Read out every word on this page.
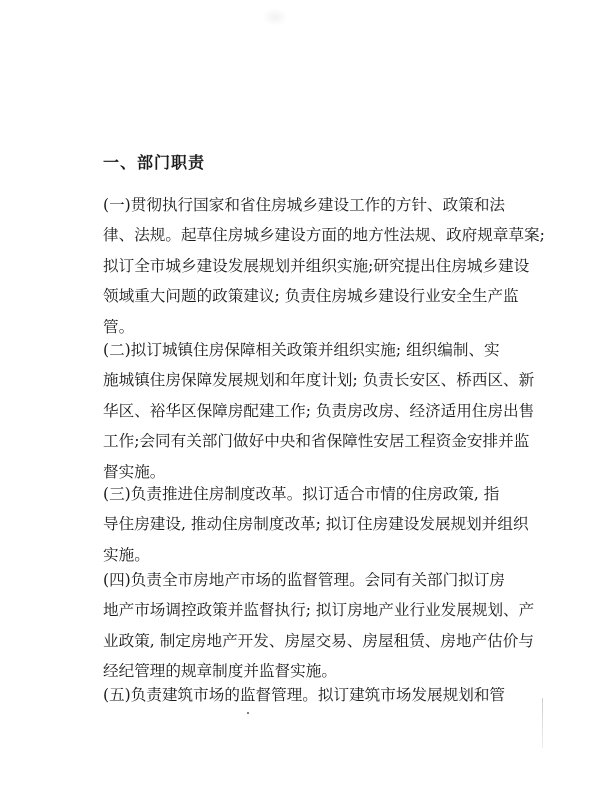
一、部门职责

(一)贯彻执行国家和省住房城乡建设工作的方针、政策和法
律、法规。起草住房城乡建设方面的地方性法规、政府规章草案;
拟订全市城乡建设发展规划并组织实施;研究提出住房城乡建设
领域重大问题的政策建议; 负责住房城乡建设行业安全生产监
管。

(二)拟订城镇住房保障相关政策并组织实施; 组织编制、实
施城镇住房保障发展规划和年度计划; 负责长安区、桥西区、新
华区、裕华区保障房配建工作; 负责房改房、经济适用住房出售
工作;会同有关部门做好中央和省保障性安居工程资金安排并监
督实施。

(三)负责推进住房制度改革。拟订适合市情的住房政策, 指
导住房建设, 推动住房制度改革; 拟订住房建设发展规划并组织
实施。

(四)负责全市房地产市场的监督管理。会同有关部门拟订房
地产市场调控政策并监督执行; 拟订房地产业行业发展规划、产
业政策, 制定房地产开发、房屋交易、房屋租赁、房地产估价与
经纪管理的规章制度并监督实施。

(五)负责建筑市场的监督管理。拟订建筑市场发展规划和管
